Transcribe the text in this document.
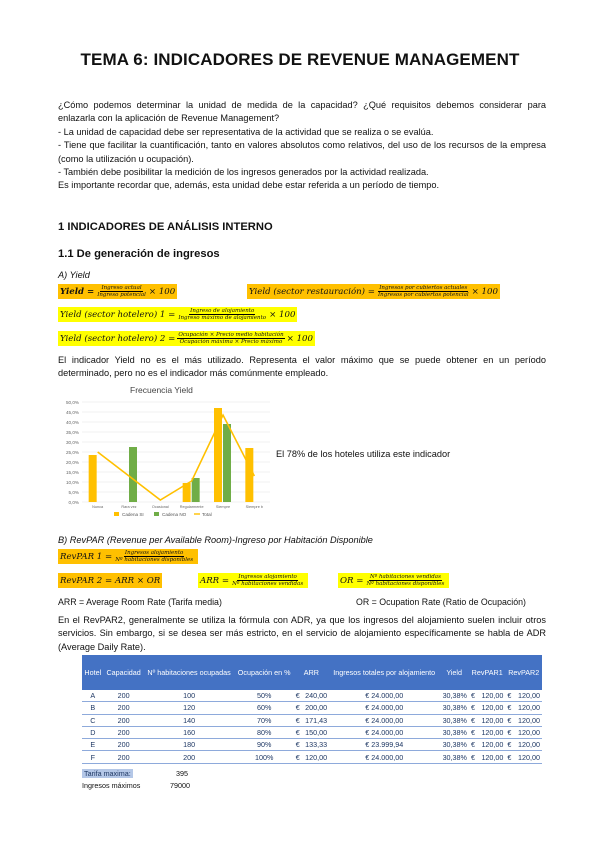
TEMA 6: INDICADORES DE REVENUE MANAGEMENT

¿Cómo podemos determinar la unidad de medida de la capacidad? ¿Qué requisitos debemos considerar para enlazarla con la aplicación de Revenue Management?

- La unidad de capacidad debe ser representativa de la actividad que se realiza o se evalúa.

- Tiene que facilitar la cuantificación, tanto en valores absolutos como relativos, del uso de los recursos de la empresa (como la utilización u ocupación).

- También debe posibilitar la medición de los ingresos generados por la actividad realizada.

Es importante recordar que, además, esta unidad debe estar referida a un período de tiempo.

1 INDICADORES DE ANÁLISIS INTERNO
1.1 De generación de ingresos
A) Yield
Yield = $\frac{\text{Ingreso actual}}{\text{Ingreso potencial}} \times 100$	Yield (sector restauración) = $\frac{\text{Ingresos por cubiertos actuales}}{\text{Ingresos por cubiertos potencial}} \times 100$
Yield (sector hotelero) $1 = \frac{\text{Ingreso de alojamiento}}{\text{Ingreso máximo de alojamiento}} \times 100$
Yield (sector hotelero) $2 = \frac{\text{Ocupación × Precio medio habitación}}{\text{Ocupación máxima × Precio máximo}} \times 100$
El indicador Yield no es el más utilizado. Representa el valor máximo que se puede obtener en un período determinado, pero no es el indicador más comúnmente empleado.
Frecuencia Yield
0,0%
5,0%
10,0%
15,0%
20,0%
25,0%
30,0%
35,0%
40,0%
45,0%
50,0%
Nunca	Rara vez	Ocasional	Regularmente	Siempre	Siempre b
Cadena SI	Cadena NO	Total
El 78% de los hoteles utiliza este indicador
B) RevPAR (Revenue per Available Room)-Ingreso por Habitación Disponible
RevPAR $1 = \frac{\text{Ingresos alojamiento}}{\text{Nº habitaciones disponibles}}$
RevPAR 2 = ARR × OR	ARR = $\frac{\text{Ingresos alojamiento}}{\text{Nº habitaciones vendidas}}$	OR = $\frac{\text{Nº habitaciones vendidas}}{\text{Nº habitaciones disponibles}}$
ARR = Average Room Rate (Tarifa media)	OR = Ocupation Rate (Ratio de Ocupación)
En el RevPAR2, generalmente se utiliza la fórmula con ADR, ya que los ingresos del alojamiento suelen incluir otros servicios. Sin embargo, si se desea ser más estricto, en el servicio de alojamiento específicamente se habla de ADR (Average Daily Rate).
Hotel	Capacidad	Nº habitaciones ocupadas	Ocupación en %	ARR		Ingresos totales por alojamiento	Yield	RevPAR1		RevPAR2	
A	200	100	50%	€	240,00	€ 24.000,00	30,38%	€	120,00	€	120,00
B	200	120	60%	€	200,00	€ 24.000,00	30,38%	€	120,00	€	120,00
C	200	140	70%	€	171,43	€ 24.000,00	30,38%	€	120,00	€	120,00
D	200	160	80%	€	150,00	€ 24.000,00	30,38%	€	120,00	€	120,00
E	200	180	90%	€	133,33	€ 23.999,94	30,38%	€	120,00	€	120,00
F	200	200	100%	€	120,00	€ 24.000,00	30,38%	€	120,00	€	120,00
Tarifa maxima:	395
Ingresos máximos	79000
